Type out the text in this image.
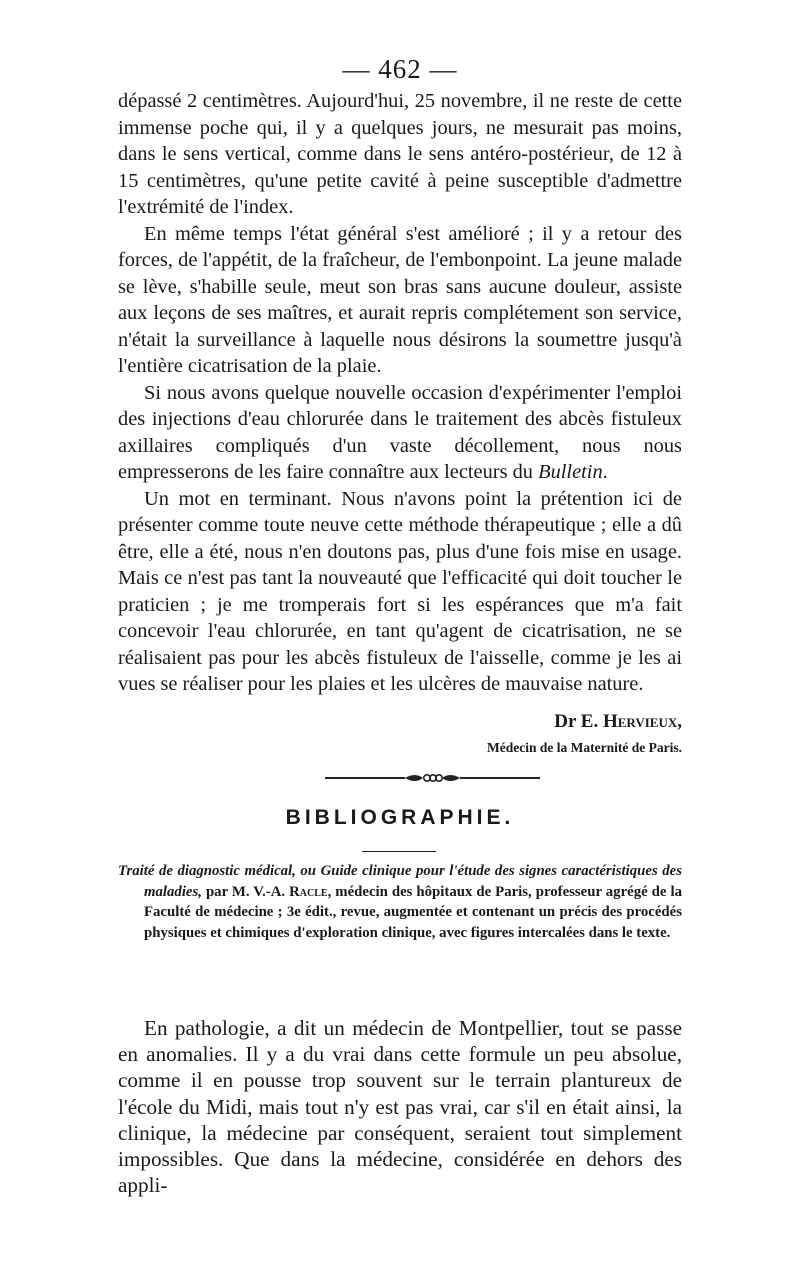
— 462 —

dépassé 2 centimètres. Aujourd'hui, 25 novembre, il ne reste de cette immense poche qui, il y a quelques jours, ne mesurait pas moins, dans le sens vertical, comme dans le sens antéro-postérieur, de 12 à 15 centimètres, qu'une petite cavité à peine susceptible d'admettre l'extrémité de l'index.

En même temps l'état général s'est amélioré ; il y a retour des forces, de l'appétit, de la fraîcheur, de l'embonpoint. La jeune malade se lève, s'habille seule, meut son bras sans aucune douleur, assiste aux leçons de ses maîtres, et aurait repris complétement son service, n'était la surveillance à laquelle nous désirons la soumettre jusqu'à l'entière cicatrisation de la plaie.

Si nous avons quelque nouvelle occasion d'expérimenter l'emploi des injections d'eau chlorurée dans le traitement des abcès fistuleux axillaires compliqués d'un vaste décollement, nous nous empresserons de les faire connaître aux lecteurs du Bulletin.

Un mot en terminant. Nous n'avons point la prétention ici de présenter comme toute neuve cette méthode thérapeutique ; elle a dû être, elle a été, nous n'en doutons pas, plus d'une fois mise en usage. Mais ce n'est pas tant la nouveauté que l'efficacité qui doit toucher le praticien ; je me tromperais fort si les espérances que m'a fait concevoir l'eau chlorurée, en tant qu'agent de cicatrisation, ne se réalisaient pas pour les abcès fistuleux de l'aisselle, comme je les ai vues se réaliser pour les plaies et les ulcères de mauvaise nature.

Dr E. Hervieux,
Médecin de la Maternité de Paris.
BIBLIOGRAPHIE.

Traité de diagnostic médical, ou Guide clinique pour l'étude des signes caractéristiques des maladies, par M. V.-A. Racle, médecin des hôpitaux de Paris, professeur agrégé de la Faculté de médecine ; 3e édit., revue, augmentée et contenant un précis des procédés physiques et chimiques d'exploration clinique, avec figures intercalées dans le texte.

En pathologie, a dit un médecin de Montpellier, tout se passe en anomalies. Il y a du vrai dans cette formule un peu absolue, comme il en pousse trop souvent sur le terrain plantureux de l'école du Midi, mais tout n'y est pas vrai, car s'il en était ainsi, la clinique, la médecine par conséquent, seraient tout simplement impossibles. Que dans la médecine, considérée en dehors des appli-
